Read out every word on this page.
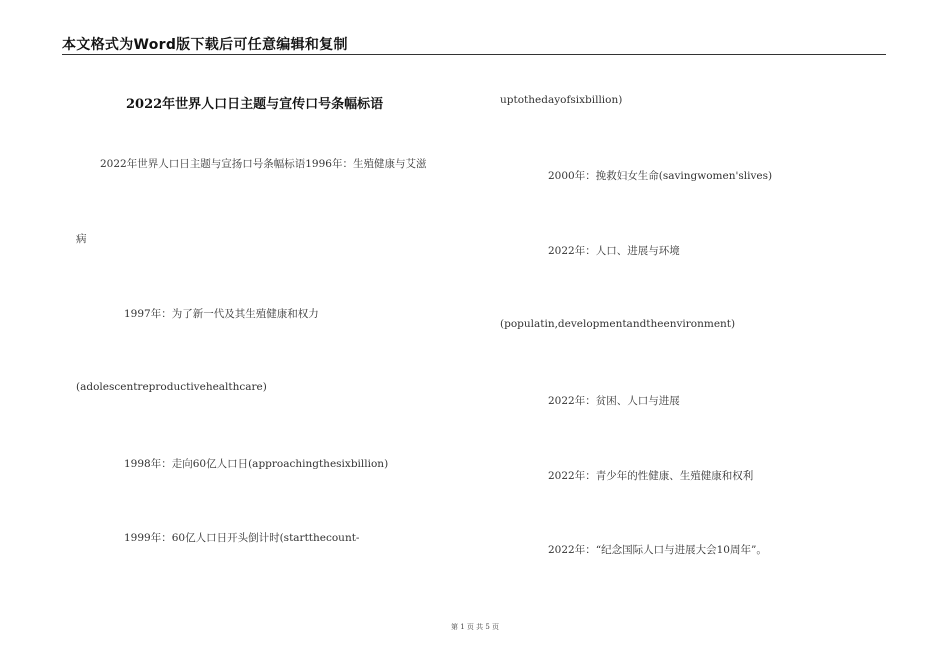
本文格式为Word版下载后可任意编辑和复制
2022年世界人口日主题与宣传口号条幅标语
2022年世界人口日主题与宣扬口号条幅标语1996年：生殖健康与艾滋
病
1997年：为了新一代及其生殖健康和权力
(adolescentreproductivehealthcare)
1998年：走向60亿人口日(approachingthesixbillion)
1999年：60亿人口日开头倒计时(startthecount-
uptothedayofsixbillion)
2000年：挽救妇女生命(savingwomen'slives)
2022年：人口、进展与环境
(populatin,developmentandtheenvironment)
2022年：贫困、人口与进展
2022年：青少年的性健康、生殖健康和权利
2022年：“纪念国际人口与进展大会10周年”。
第 1 页 共 5 页
